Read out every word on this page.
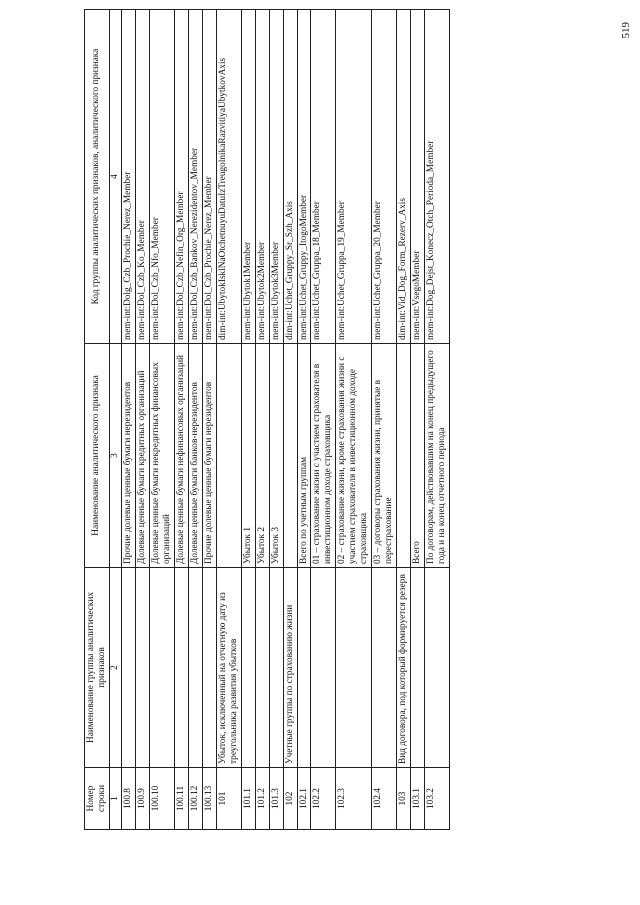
519
Номер строки	Наименование группы аналитических признаков	Наименование аналитического признака	Код группы аналитических признаков, аналитического признака
1	2	3	4
100.8		Прочие долевые ценные бумаги нерезидентов	mem-int:Dolg_Czb_Prochie_Nerez_Member
100.9		Долевые ценные бумаги кредитных организаций	mem-int:Dol_Czb_Ko_Member
100.10		Долевые ценные бумаги некредитных финансовых организаций	mem-int:Dol_Czb_Nfo_Member
100.11		Долевые ценные бумаги нефинансовых организаций	mem-int:Dol_Czb_Nefin_Org_Member
100.12		Долевые ценные бумаги банков-нерезидентов	mem-int:Dol_Czb_Bankov_Nerezidentov_Member
100.13		Прочие долевые ценные бумаги нерезидентов	mem-int:Dol_Czb_Prochie_Nerez_Member
101	Убыток, исключенный на отчетную дату из треугольника развития убытков		dim-int:UbytokIsklNaOtchetnuyuDatuIzTreugolnikaRazvitiyaUbytkovAxis
101.1		Убыток 1	mem-int:Ubytok1Member
101.2		Убыток 2	mem-int:Ubytok2Member
101.3		Убыток 3	mem-int:Ubytok3Member
102	Учетные группы по страхованию жизни		dim-int:Uchet_Gruppy_Sr_Szh_Axis
102.1		Всего по учетным группам	mem-int:Uchet_Gruppy_ItogoMember
102.2		01 – страхование жизни с участием страхователя в инвестиционном доходе страховщика	mem-int:Uchet_Gruppa_18_Member
102.3		02 – страхование жизни, кроме страхования жизни с участием страхователя в инвестиционном доходе страховщика	mem-int:Uchet_Gruppa_19_Member
102.4		03 – договоры страхования жизни, принятые в перестрахование	mem-int:Uchet_Gruppa_20_Member
103	Вид договора, под который формируется резерв		dim-int:Vid_Dog_Form_Rezerv_Axis
103.1		Всего	mem-int:VsegoMember
103.2		По договорам, действовавшим на конец предыдущего года и на конец отчетного периода	mem-int:Dog_Dejst_Konecz_Otch_Perioda_Member
